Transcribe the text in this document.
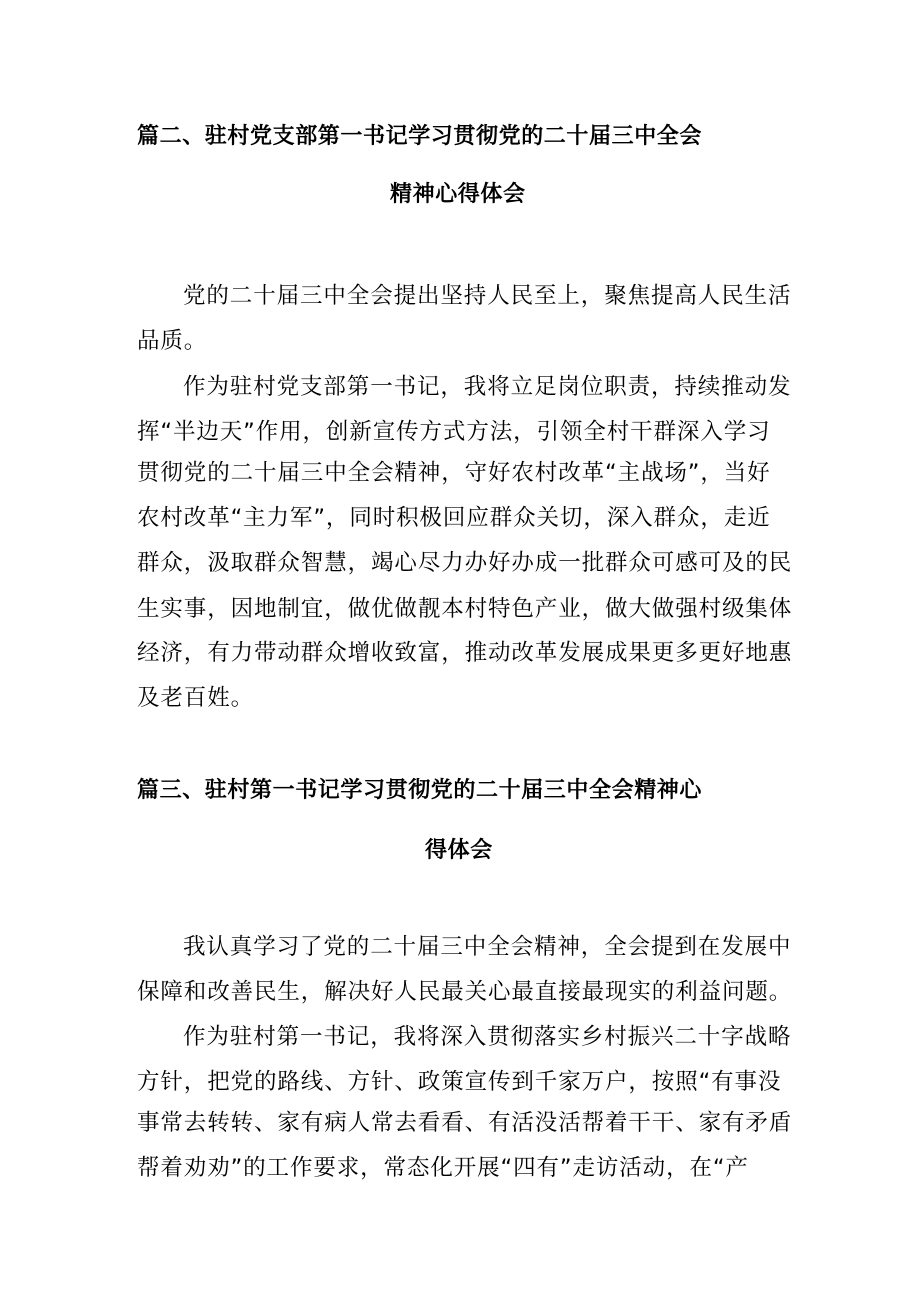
篇二、驻村党支部第一书记学习贯彻党的二十届三中全会
精神心得体会
党的二十届三中全会提出坚持人民至上，聚焦提高人民生活
品质。
作为驻村党支部第一书记，我将立足岗位职责，持续推动发
挥“半边天”作用，创新宣传方式方法，引领全村干群深入学习
贯彻党的二十届三中全会精神，守好农村改革“主战场”，当好
农村改革“主力军”，同时积极回应群众关切，深入群众，走近
群众，汲取群众智慧，竭心尽力办好办成一批群众可感可及的民
生实事，因地制宜，做优做靓本村特色产业，做大做强村级集体
经济，有力带动群众增收致富，推动改革发展成果更多更好地惠
及老百姓。
篇三、驻村第一书记学习贯彻党的二十届三中全会精神心
得体会
我认真学习了党的二十届三中全会精神，全会提到在发展中
保障和改善民生，解决好人民最关心最直接最现实的利益问题。
作为驻村第一书记，我将深入贯彻落实乡村振兴二十字战略
方针，把党的路线、方针、政策宣传到千家万户，按照“有事没
事常去转转、家有病人常去看看、有活没活帮着干干、家有矛盾
帮着劝劝”的工作要求，常态化开展“四有”走访活动，在“产
